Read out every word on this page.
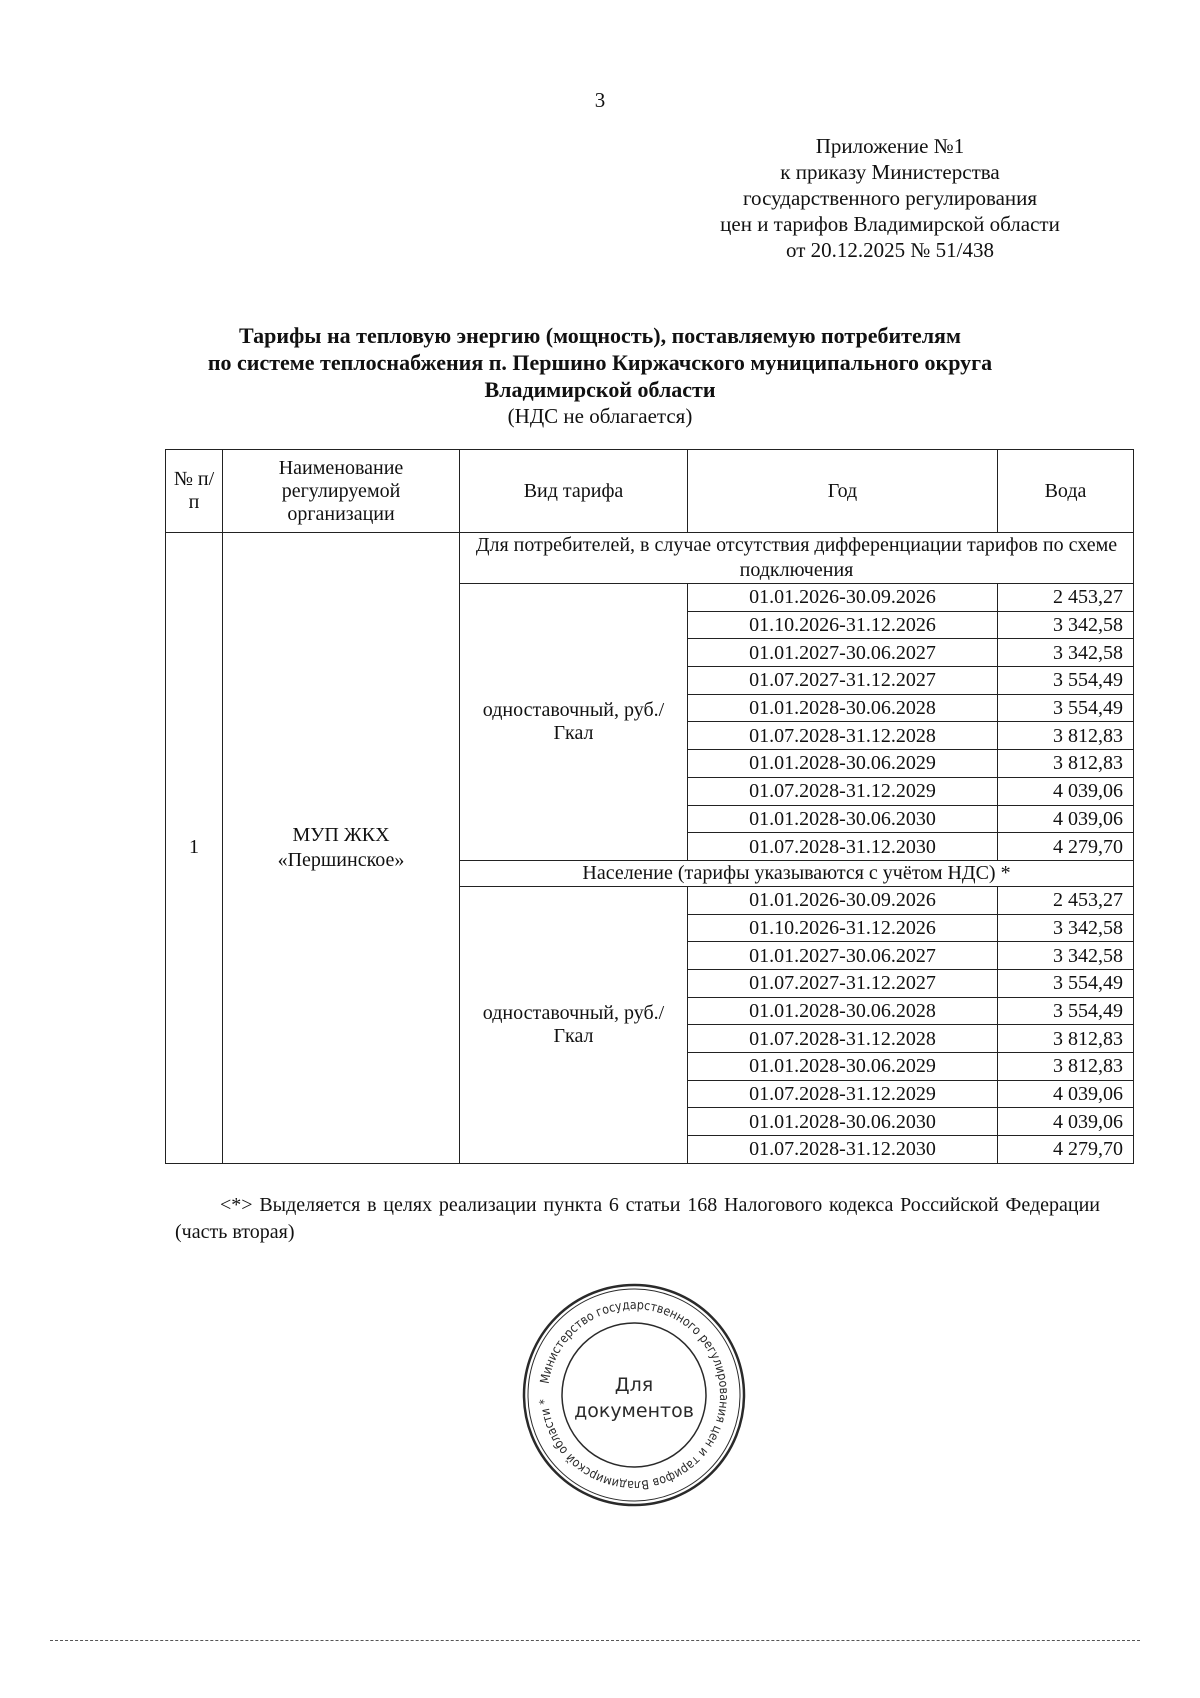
3
Приложение №1
к приказу Министерства
государственного регулирования
цен и тарифов Владимирской области
от 20.12.2025 № 51/438
Тарифы на тепловую энергию (мощность), поставляемую потребителям
по системе теплоснабжения п. Першино Киржачского муниципального округа
Владимирской области
(НДС не облагается)
№ п/п	Наименование регулируемой организации	Вид тарифа	Год	Вода
1	МУП ЖКХ «Першинское»	Для потребителей, в случае отсутствия дифференциации тарифов по схеме подключения		
		одноставочный, руб./Гкал	01.01.2026-30.09.2026	2 453,27
			01.10.2026-31.12.2026	3 342,58
			01.01.2027-30.06.2027	3 342,58
			01.07.2027-31.12.2027	3 554,49
			01.01.2028-30.06.2028	3 554,49
			01.07.2028-31.12.2028	3 812,83
			01.01.2028-30.06.2029	3 812,83
			01.07.2028-31.12.2029	4 039,06
			01.01.2028-30.06.2030	4 039,06
			01.07.2028-31.12.2030	4 279,70
		Население (тарифы указываются с учётом НДС) *		
		одноставочный, руб./Гкал	01.01.2026-30.09.2026	2 453,27
			01.10.2026-31.12.2026	3 342,58
			01.01.2027-30.06.2027	3 342,58
			01.07.2027-31.12.2027	3 554,49
			01.01.2028-30.06.2028	3 554,49
			01.07.2028-31.12.2028	3 812,83
			01.01.2028-30.06.2029	3 812,83
			01.07.2028-31.12.2029	4 039,06
			01.01.2028-30.06.2030	4 039,06
			01.07.2028-31.12.2030	4 279,70
<*> Выделяется в целях реализации пункта 6 статьи 168 Налогового кодекса Российской Федерации (часть вторая)
Министерство государственного регулирования цен и тарифов Владимирской области *
Для
документов
